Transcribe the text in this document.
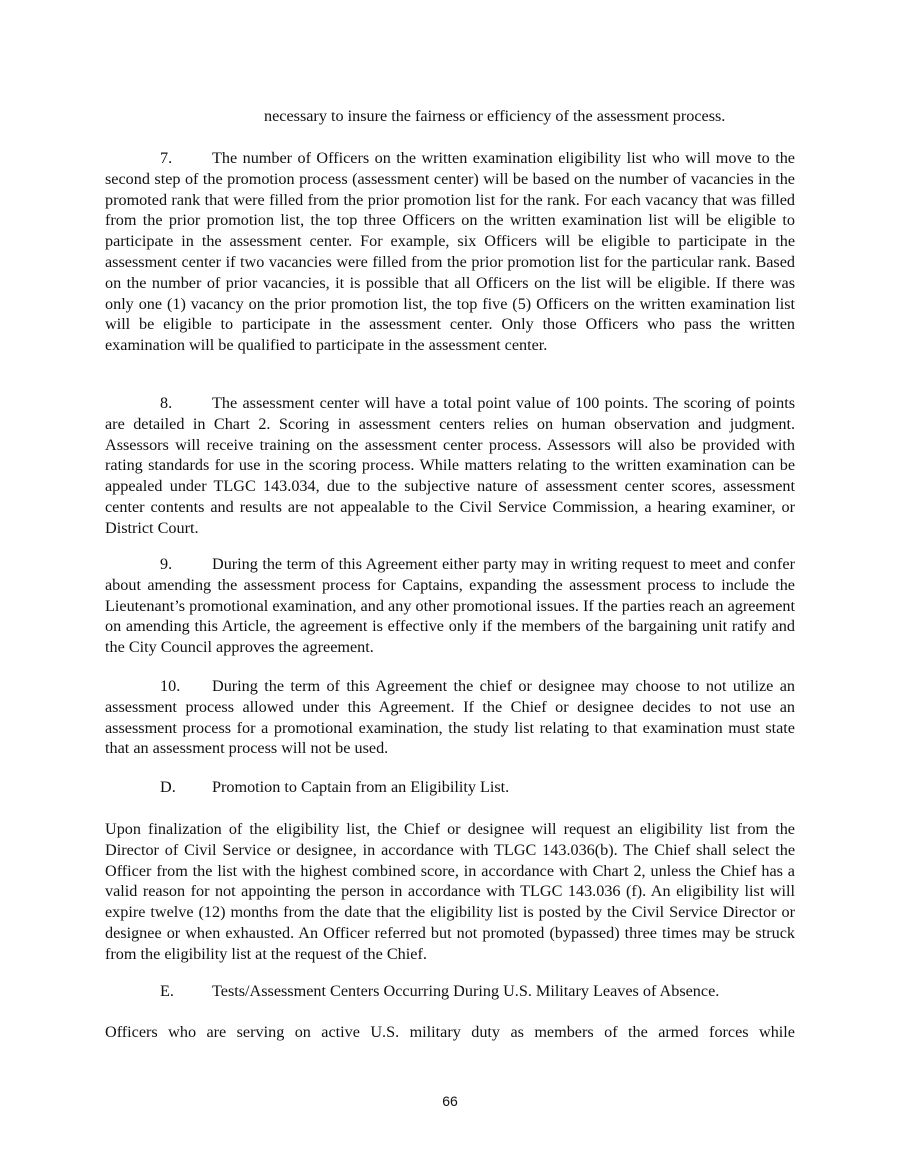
necessary to insure the fairness or efficiency of the assessment process.
7. The number of Officers on the written examination eligibility list who will move to the second step of the promotion process (assessment center) will be based on the number of vacancies in the promoted rank that were filled from the prior promotion list for the rank. For each vacancy that was filled from the prior promotion list, the top three Officers on the written examination list will be eligible to participate in the assessment center. For example, six Officers will be eligible to participate in the assessment center if two vacancies were filled from the prior promotion list for the particular rank. Based on the number of prior vacancies, it is possible that all Officers on the list will be eligible. If there was only one (1) vacancy on the prior promotion list, the top five (5) Officers on the written examination list will be eligible to participate in the assessment center. Only those Officers who pass the written examination will be qualified to participate in the assessment center.
8. The assessment center will have a total point value of 100 points. The scoring of points are detailed in Chart 2. Scoring in assessment centers relies on human observation and judgment. Assessors will receive training on the assessment center process. Assessors will also be provided with rating standards for use in the scoring process. While matters relating to the written examination can be appealed under TLGC 143.034, due to the subjective nature of assessment center scores, assessment center contents and results are not appealable to the Civil Service Commission, a hearing examiner, or District Court.
9. During the term of this Agreement either party may in writing request to meet and confer about amending the assessment process for Captains, expanding the assessment process to include the Lieutenant’s promotional examination, and any other promotional issues. If the parties reach an agreement on amending this Article, the agreement is effective only if the members of the bargaining unit ratify and the City Council approves the agreement.
10. During the term of this Agreement the chief or designee may choose to not utilize an assessment process allowed under this Agreement. If the Chief or designee decides to not use an assessment process for a promotional examination, the study list relating to that examination must state that an assessment process will not be used.
D. Promotion to Captain from an Eligibility List.
Upon finalization of the eligibility list, the Chief or designee will request an eligibility list from the Director of Civil Service or designee, in accordance with TLGC 143.036(b). The Chief shall select the Officer from the list with the highest combined score, in accordance with Chart 2, unless the Chief has a valid reason for not appointing the person in accordance with TLGC 143.036 (f). An eligibility list will expire twelve (12) months from the date that the eligibility list is posted by the Civil Service Director or designee or when exhausted. An Officer referred but not promoted (bypassed) three times may be struck from the eligibility list at the request of the Chief.
E. Tests/Assessment Centers Occurring During U.S. Military Leaves of Absence.
Officers who are serving on active U.S. military duty as members of the armed forces while
66
